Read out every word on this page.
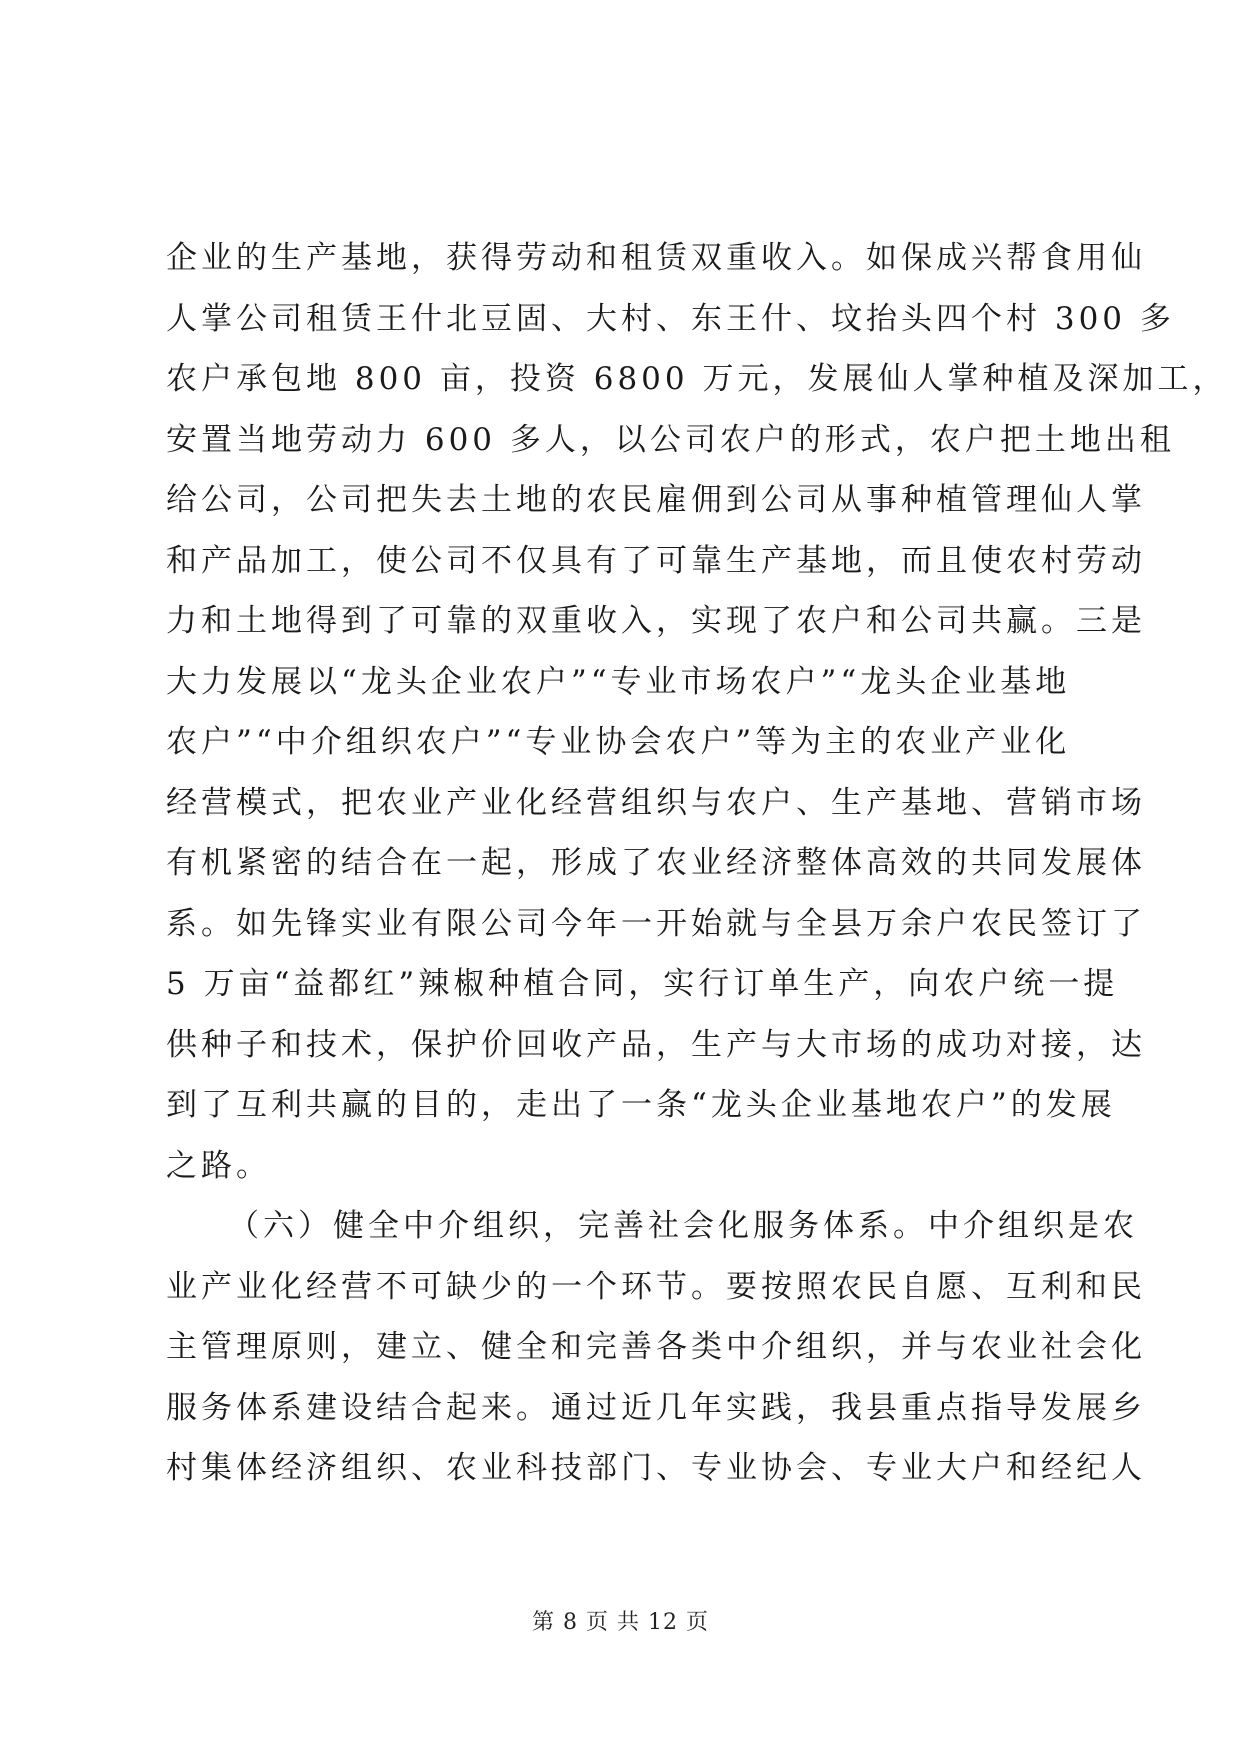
企业的生产基地，获得劳动和租赁双重收入。如保成兴帮食用仙
人掌公司租赁王什北豆固、大村、东王什、坟抬头四个村 300 多
农户承包地 800 亩，投资 6800 万元，发展仙人掌种植及深加工，
安置当地劳动力 600 多人，以公司农户的形式，农户把土地出租
给公司，公司把失去土地的农民雇佣到公司从事种植管理仙人掌
和产品加工，使公司不仅具有了可靠生产基地，而且使农村劳动
力和土地得到了可靠的双重收入，实现了农户和公司共赢。三是
大力发展以“龙头企业农户”“专业市场农户”“龙头企业基地
农户”“中介组织农户”“专业协会农户”等为主的农业产业化
经营模式，把农业产业化经营组织与农户、生产基地、营销市场
有机紧密的结合在一起，形成了农业经济整体高效的共同发展体
系。如先锋实业有限公司今年一开始就与全县万余户农民签订了
5 万亩“益都红”辣椒种植合同，实行订单生产，向农户统一提
供种子和技术，保护价回收产品，生产与大市场的成功对接，达
到了互利共赢的目的，走出了一条“龙头企业基地农户”的发展
之路。
（六）健全中介组织，完善社会化服务体系。中介组织是农
业产业化经营不可缺少的一个环节。要按照农民自愿、互利和民
主管理原则，建立、健全和完善各类中介组织，并与农业社会化
服务体系建设结合起来。通过近几年实践，我县重点指导发展乡
村集体经济组织、农业科技部门、专业协会、专业大户和经纪人
第 8 页 共 12 页
